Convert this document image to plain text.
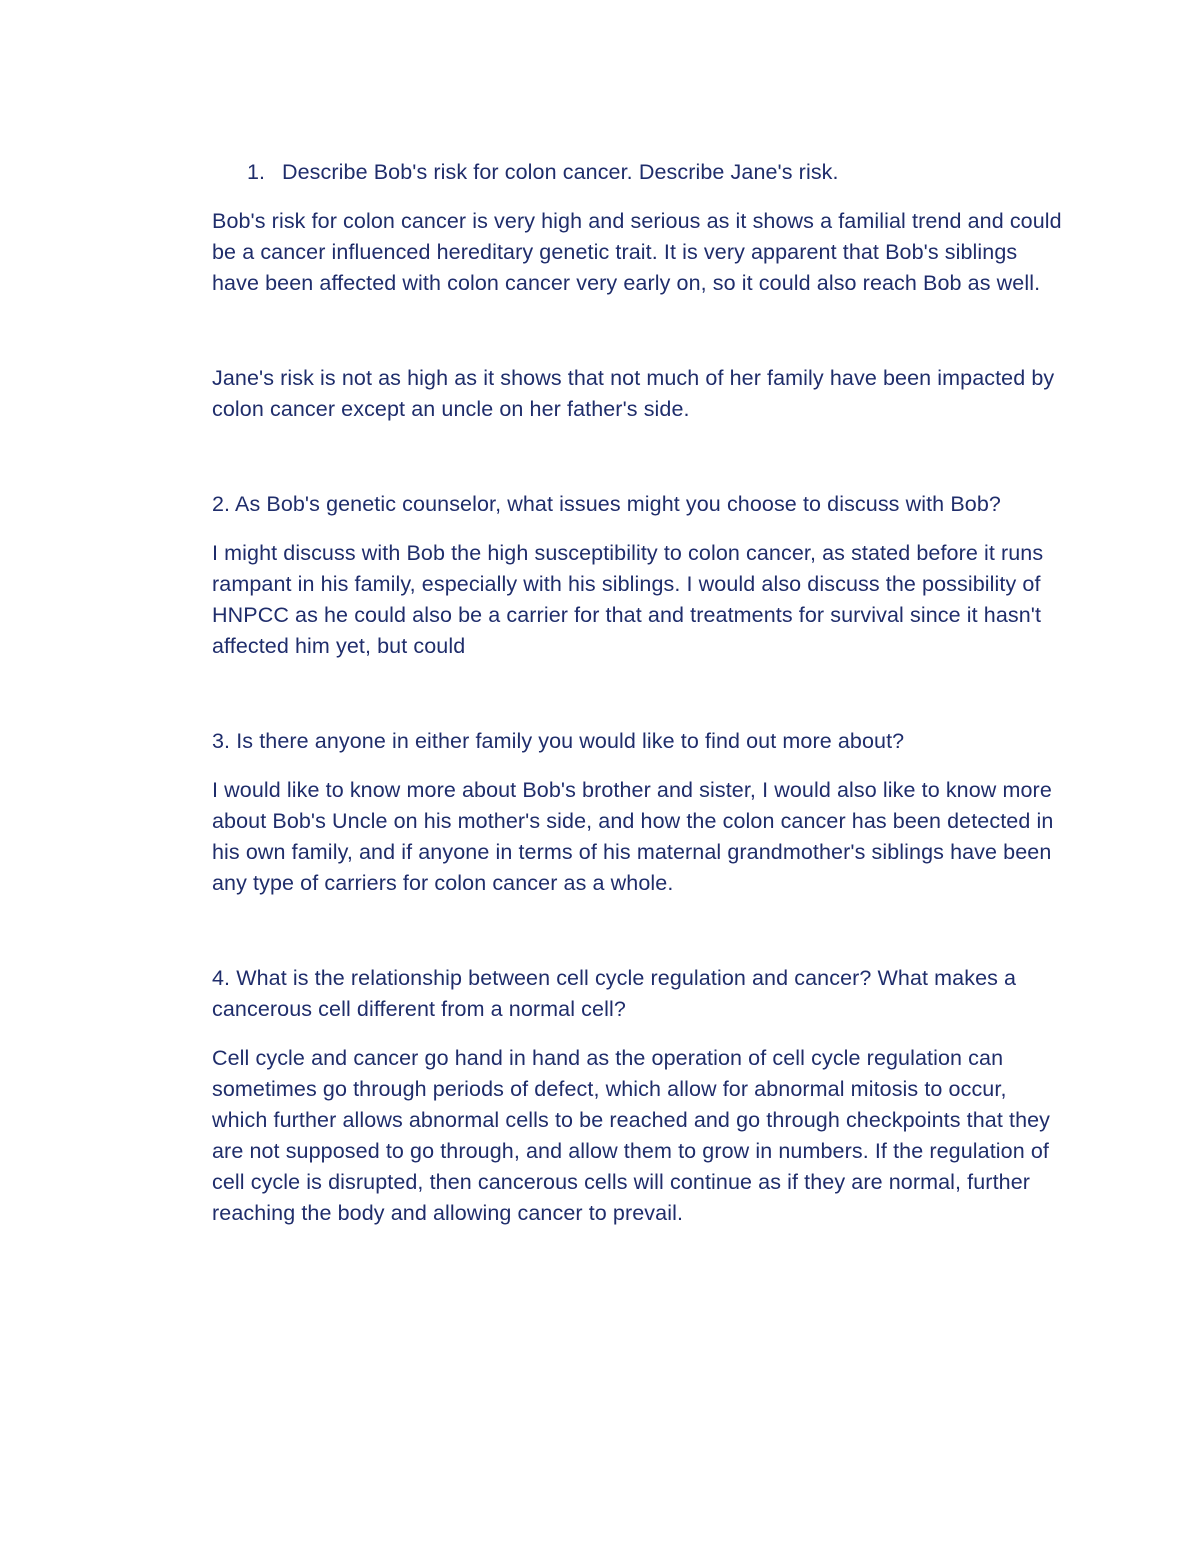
1. Describe Bob's risk for colon cancer. Describe Jane's risk.

Bob's risk for colon cancer is very high and serious as it shows a familial trend and could be a cancer influenced hereditary genetic trait. It is very apparent that Bob's siblings have been affected with colon cancer very early on, so it could also reach Bob as well.

Jane's risk is not as high as it shows that not much of her family have been impacted by colon cancer except an uncle on her father's side.

2. As Bob's genetic counselor, what issues might you choose to discuss with Bob?

I might discuss with Bob the high susceptibility to colon cancer, as stated before it runs rampant in his family, especially with his siblings. I would also discuss the possibility of HNPCC as he could also be a carrier for that and treatments for survival since it hasn't affected him yet, but could

3. Is there anyone in either family you would like to find out more about?

I would like to know more about Bob's brother and sister, I would also like to know more about Bob's Uncle on his mother's side, and how the colon cancer has been detected in his own family, and if anyone in terms of his maternal grandmother's siblings have been any type of carriers for colon cancer as a whole.

4. What is the relationship between cell cycle regulation and cancer? What makes a cancerous cell different from a normal cell?

Cell cycle and cancer go hand in hand as the operation of cell cycle regulation can sometimes go through periods of defect, which allow for abnormal mitosis to occur, which further allows abnormal cells to be reached and go through checkpoints that they are not supposed to go through, and allow them to grow in numbers. If the regulation of cell cycle is disrupted, then cancerous cells will continue as if they are normal, further reaching the body and allowing cancer to prevail.
